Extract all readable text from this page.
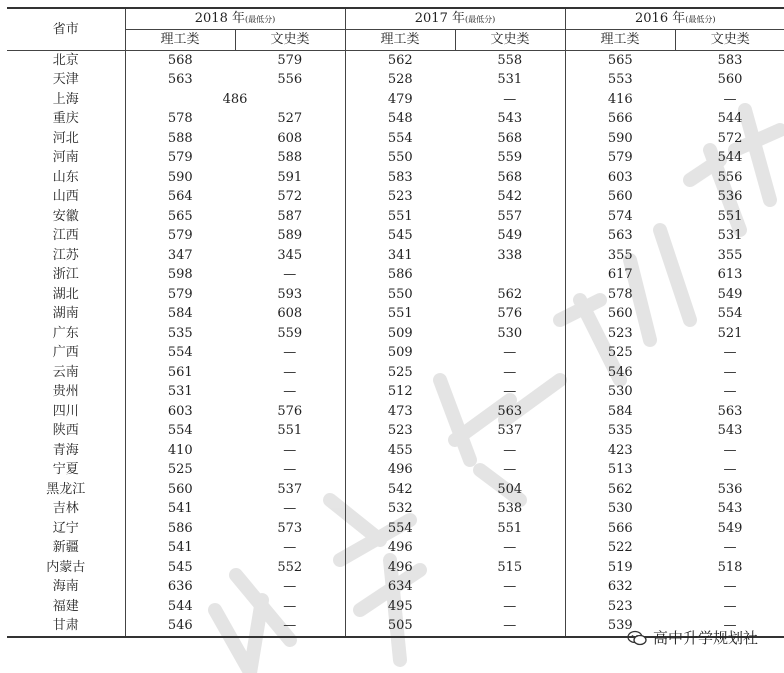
省市	2018 年(最低分)		2017 年(最低分)		2016 年(最低分)	
	理工类	文史类	理工类	文史类	理工类	文史类
北京	568	579	562	558	565	583
天津	563	556	528	531	553	560
上海	486		479	—	416	—
重庆	578	527	548	543	566	544
河北	588	608	554	568	590	572
河南	579	588	550	559	579	544
山东	590	591	583	568	603	556
山西	564	572	523	542	560	536
安徽	565	587	551	557	574	551
江西	579	589	545	549	563	531
江苏	347	345	341	338	355	355
浙江	598	—	586		617	613
湖北	579	593	550	562	578	549
湖南	584	608	551	576	560	554
广东	535	559	509	530	523	521
广西	554	—	509	—	525	—
云南	561	—	525	—	546	—
贵州	531	—	512	—	530	—
四川	603	576	473	563	584	563
陕西	554	551	523	537	535	543
青海	410	—	455	—	423	—
宁夏	525	—	496	—	513	—
黑龙江	560	537	542	504	562	536
吉林	541	—	532	538	530	543
辽宁	586	573	554	551	566	549
新疆	541	—	496	—	522	—
内蒙古	545	552	496	515	519	518
海南	636	—	634	—	632	—
福建	544	—	495	—	523	—
甘肃	546	—	505	—	539	—
高中升学规划社
